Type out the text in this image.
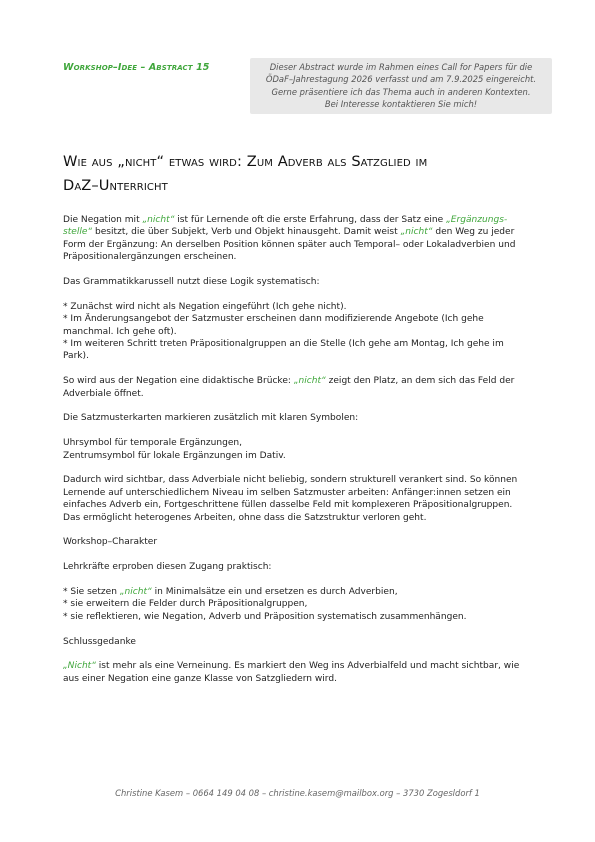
Workshop–Idee – Abstract 15	Dieser Abstract wurde im Rahmen eines Call for Papers für die
ÖDaF–Jahrestagung 2026 verfasst und am 7.9.2025 eingereicht.
Gerne präsentiere ich das Thema auch in anderen Kontexten.
Bei Interesse kontaktieren Sie mich!
Wie aus „nicht“ etwas wird: Zum Adverb als Satzglied im
DaZ–Unterricht

Die Negation mit „nicht“ ist für Lernende oft die erste Erfahrung, dass der Satz eine „Ergänzungs-
stelle“ besitzt, die über Subjekt, Verb und Objekt hinausgeht. Damit weist „nicht“ den Weg zu jeder
Form der Ergänzung: An derselben Position können später auch Temporal– oder Lokaladverbien und
Präpositionalergänzungen erscheinen.

Das Grammatikkarussell nutzt diese Logik systematisch:

* Zunächst wird nicht als Negation eingeführt (Ich gehe nicht).
* Im Änderungsangebot der Satzmuster erscheinen dann modifizierende Angebote (Ich gehe
manchmal. Ich gehe oft).
* Im weiteren Schritt treten Präpositionalgruppen an die Stelle (Ich gehe am Montag, Ich gehe im
Park).

So wird aus der Negation eine didaktische Brücke: „nicht“ zeigt den Platz, an dem sich das Feld der
Adverbiale öffnet.

Die Satzmusterkarten markieren zusätzlich mit klaren Symbolen:

Uhrsymbol für temporale Ergänzungen,
Zentrumsymbol für lokale Ergänzungen im Dativ.

Dadurch wird sichtbar, dass Adverbiale nicht beliebig, sondern strukturell verankert sind. So können
Lernende auf unterschiedlichem Niveau im selben Satzmuster arbeiten: Anfänger:innen setzen ein
einfaches Adverb ein, Fortgeschrittene füllen dasselbe Feld mit komplexeren Präpositionalgruppen.
Das ermöglicht heterogenes Arbeiten, ohne dass die Satzstruktur verloren geht.

Workshop–Charakter

Lehrkräfte erproben diesen Zugang praktisch:

* Sie setzen „nicht“ in Minimalsätze ein und ersetzen es durch Adverbien,
* sie erweitern die Felder durch Präpositionalgruppen,
* sie reflektieren, wie Negation, Adverb und Präposition systematisch zusammenhängen.

Schlussgedanke

„Nicht“ ist mehr als eine Verneinung. Es markiert den Weg ins Adverbialfeld und macht sichtbar, wie
aus einer Negation eine ganze Klasse von Satzgliedern wird.

Christine Kasem – 0664 149 04 08 – christine.kasem@mailbox.org – 3730 Zogesldorf 1
